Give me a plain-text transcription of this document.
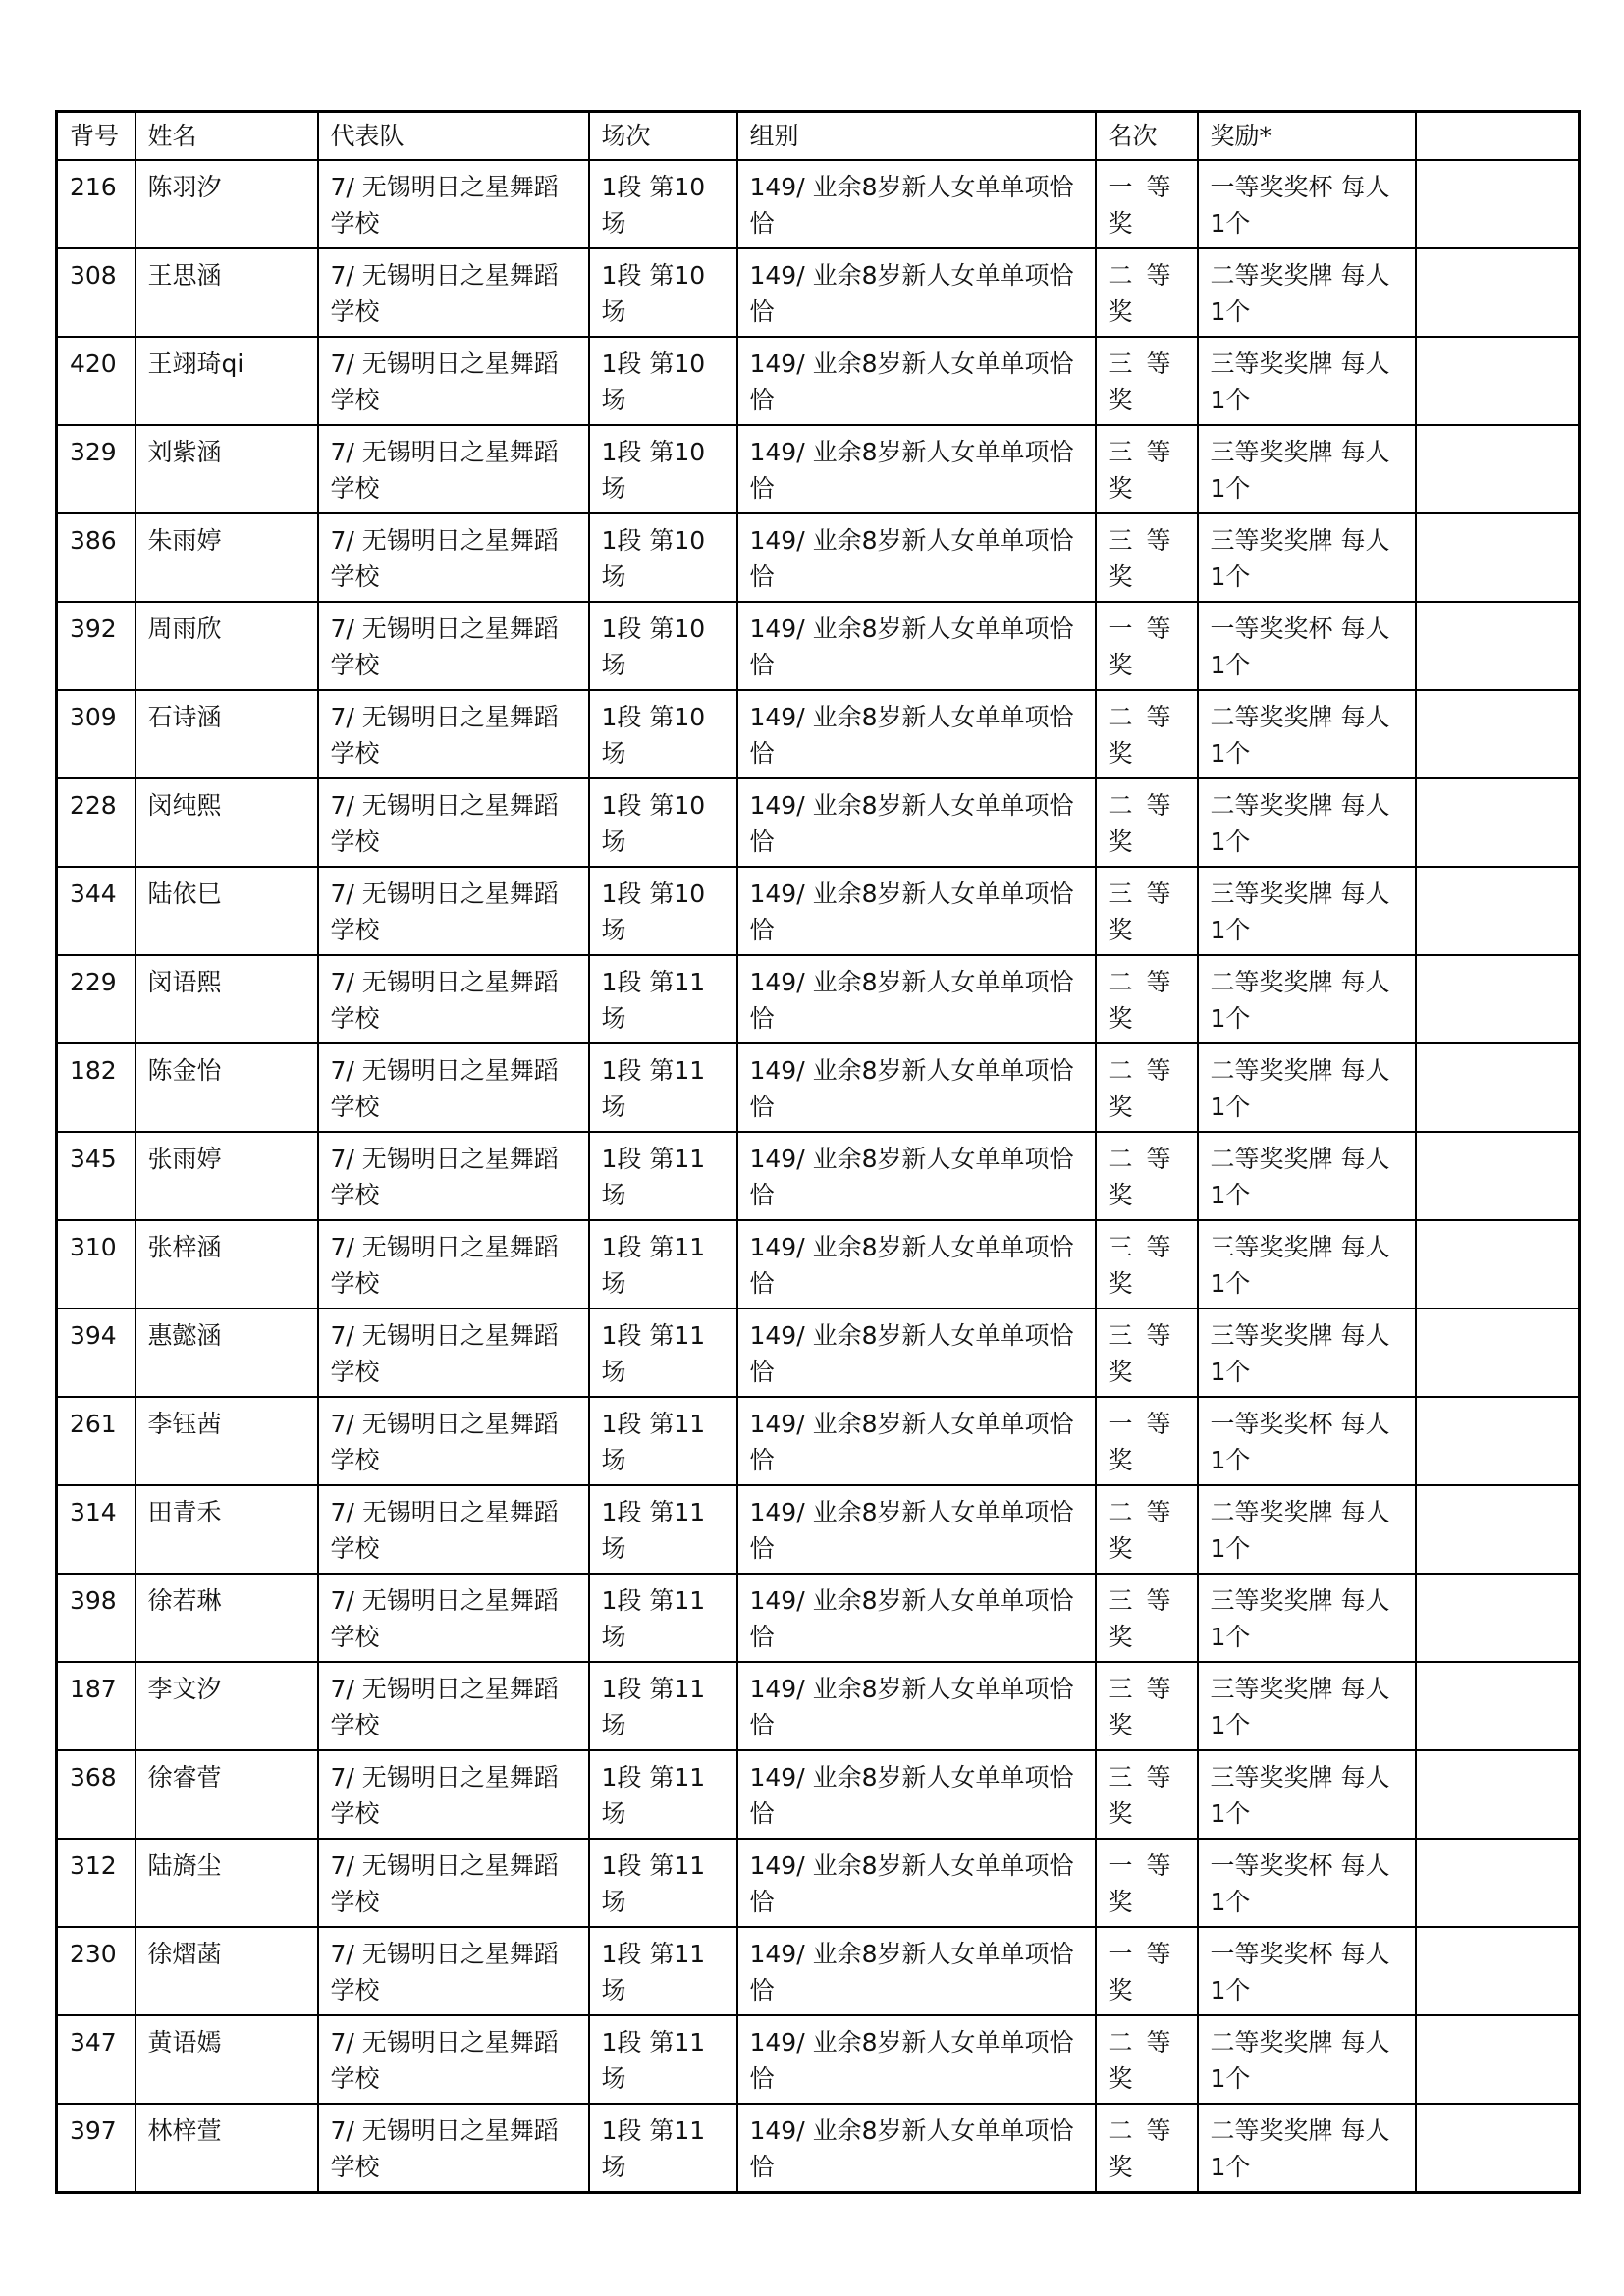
背号	姓名	代表队	场次	组别	名次	奖励*	
216	陈羽汐	7/ 无锡明日之星舞蹈学校	1段 第10场	149/ 业余8岁新人女单单项恰恰	一等奖	一等奖奖杯 每人1个	
308	王思涵	7/ 无锡明日之星舞蹈学校	1段 第10场	149/ 业余8岁新人女单单项恰恰	二等奖	二等奖奖牌 每人1个	
420	王翊琦qi	7/ 无锡明日之星舞蹈学校	1段 第10场	149/ 业余8岁新人女单单项恰恰	三等奖	三等奖奖牌 每人1个	
329	刘紫涵	7/ 无锡明日之星舞蹈学校	1段 第10场	149/ 业余8岁新人女单单项恰恰	三等奖	三等奖奖牌 每人1个	
386	朱雨婷	7/ 无锡明日之星舞蹈学校	1段 第10场	149/ 业余8岁新人女单单项恰恰	三等奖	三等奖奖牌 每人1个	
392	周雨欣	7/ 无锡明日之星舞蹈学校	1段 第10场	149/ 业余8岁新人女单单项恰恰	一等奖	一等奖奖杯 每人1个	
309	石诗涵	7/ 无锡明日之星舞蹈学校	1段 第10场	149/ 业余8岁新人女单单项恰恰	二等奖	二等奖奖牌 每人1个	
228	闵纯熙	7/ 无锡明日之星舞蹈学校	1段 第10场	149/ 业余8岁新人女单单项恰恰	二等奖	二等奖奖牌 每人1个	
344	陆依巳	7/ 无锡明日之星舞蹈学校	1段 第10场	149/ 业余8岁新人女单单项恰恰	三等奖	三等奖奖牌 每人1个	
229	闵语熙	7/ 无锡明日之星舞蹈学校	1段 第11场	149/ 业余8岁新人女单单项恰恰	二等奖	二等奖奖牌 每人1个	
182	陈金怡	7/ 无锡明日之星舞蹈学校	1段 第11场	149/ 业余8岁新人女单单项恰恰	二等奖	二等奖奖牌 每人1个	
345	张雨婷	7/ 无锡明日之星舞蹈学校	1段 第11场	149/ 业余8岁新人女单单项恰恰	二等奖	二等奖奖牌 每人1个	
310	张梓涵	7/ 无锡明日之星舞蹈学校	1段 第11场	149/ 业余8岁新人女单单项恰恰	三等奖	三等奖奖牌 每人1个	
394	惠懿涵	7/ 无锡明日之星舞蹈学校	1段 第11场	149/ 业余8岁新人女单单项恰恰	三等奖	三等奖奖牌 每人1个	
261	李钰茜	7/ 无锡明日之星舞蹈学校	1段 第11场	149/ 业余8岁新人女单单项恰恰	一等奖	一等奖奖杯 每人1个	
314	田青禾	7/ 无锡明日之星舞蹈学校	1段 第11场	149/ 业余8岁新人女单单项恰恰	二等奖	二等奖奖牌 每人1个	
398	徐若琳	7/ 无锡明日之星舞蹈学校	1段 第11场	149/ 业余8岁新人女单单项恰恰	三等奖	三等奖奖牌 每人1个	
187	李文汐	7/ 无锡明日之星舞蹈学校	1段 第11场	149/ 业余8岁新人女单单项恰恰	三等奖	三等奖奖牌 每人1个	
368	徐睿菅	7/ 无锡明日之星舞蹈学校	1段 第11场	149/ 业余8岁新人女单单项恰恰	三等奖	三等奖奖牌 每人1个	
312	陆旖尘	7/ 无锡明日之星舞蹈学校	1段 第11场	149/ 业余8岁新人女单单项恰恰	一等奖	一等奖奖杯 每人1个	
230	徐熠菡	7/ 无锡明日之星舞蹈学校	1段 第11场	149/ 业余8岁新人女单单项恰恰	一等奖	一等奖奖杯 每人1个	
347	黄语嫣	7/ 无锡明日之星舞蹈学校	1段 第11场	149/ 业余8岁新人女单单项恰恰	二等奖	二等奖奖牌 每人1个	
397	林梓萱	7/ 无锡明日之星舞蹈学校	1段 第11场	149/ 业余8岁新人女单单项恰恰	二等奖	二等奖奖牌 每人1个	
